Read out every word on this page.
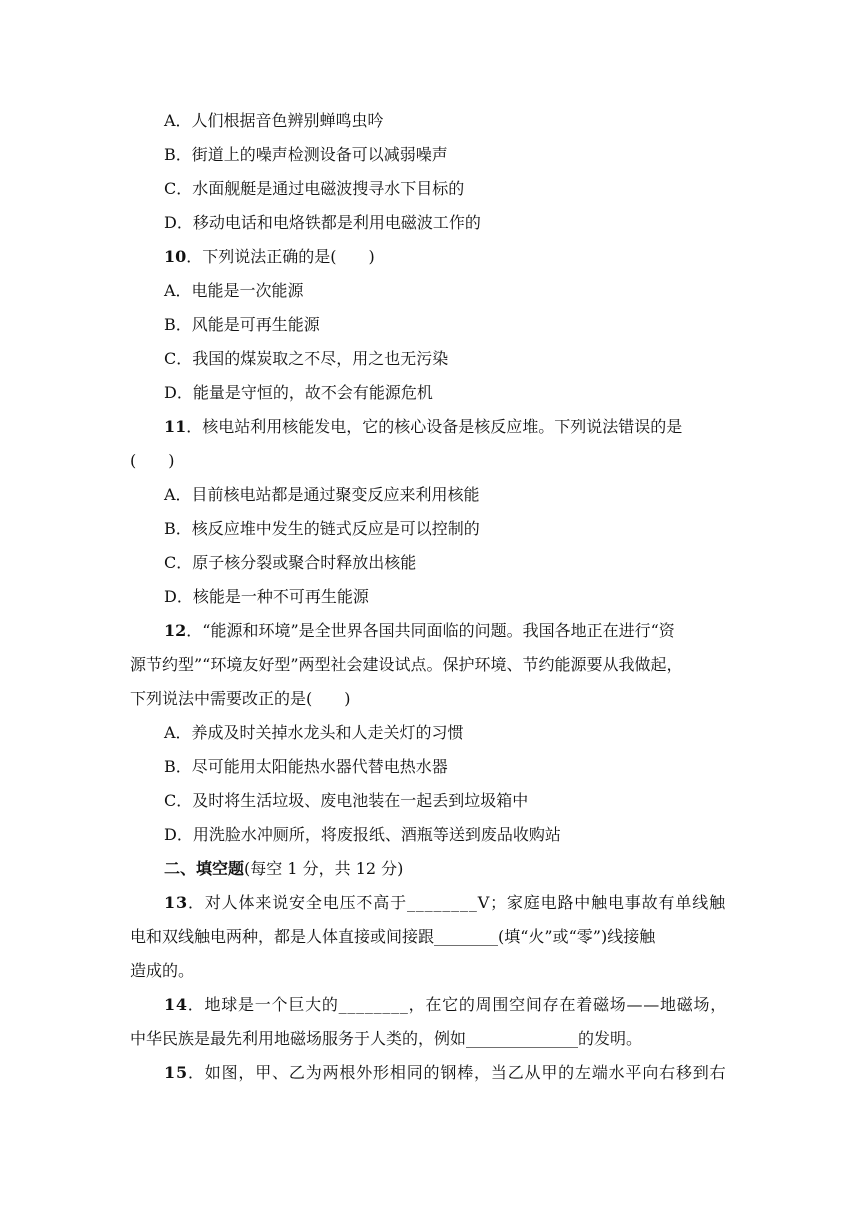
A．人们根据音色辨别蝉鸣虫吟
B．街道上的噪声检测设备可以减弱噪声
C．水面舰艇是通过电磁波搜寻水下目标的
D．移动电话和电烙铁都是利用电磁波工作的
10．下列说法正确的是(　　)
A．电能是一次能源
B．风能是可再生能源
C．我国的煤炭取之不尽，用之也无污染
D．能量是守恒的，故不会有能源危机
11．核电站利用核能发电，它的核心设备是核反应堆。下列说法错误的是
(　　)
A．目前核电站都是通过聚变反应来利用核能
B．核反应堆中发生的链式反应是可以控制的
C．原子核分裂或聚合时释放出核能
D．核能是一种不可再生能源
12．“能源和环境”是全世界各国共同面临的问题。我国各地正在进行“资
源节约型”“环境友好型”两型社会建设试点。保护环境、节约能源要从我做起，
下列说法中需要改正的是(　　)
A．养成及时关掉水龙头和人走关灯的习惯
B．尽可能用太阳能热水器代替电热水器
C．及时将生活垃圾、废电池装在一起丢到垃圾箱中
D．用洗脸水冲厕所，将废报纸、酒瓶等送到废品收购站
二、填空题(每空 1 分，共 12 分)
13．对人体来说安全电压不高于________V；家庭电路中触电事故有单线触
电和双线触电两种，都是人体直接或间接跟________(填“火”或“零”)线接触
造成的。
14．地球是一个巨大的________，在它的周围空间存在着磁场——地磁场，
中华民族是最先利用地磁场服务于人类的，例如______________的发明。
15．如图，甲、乙为两根外形相同的钢棒，当乙从甲的左端水平向右移到右
